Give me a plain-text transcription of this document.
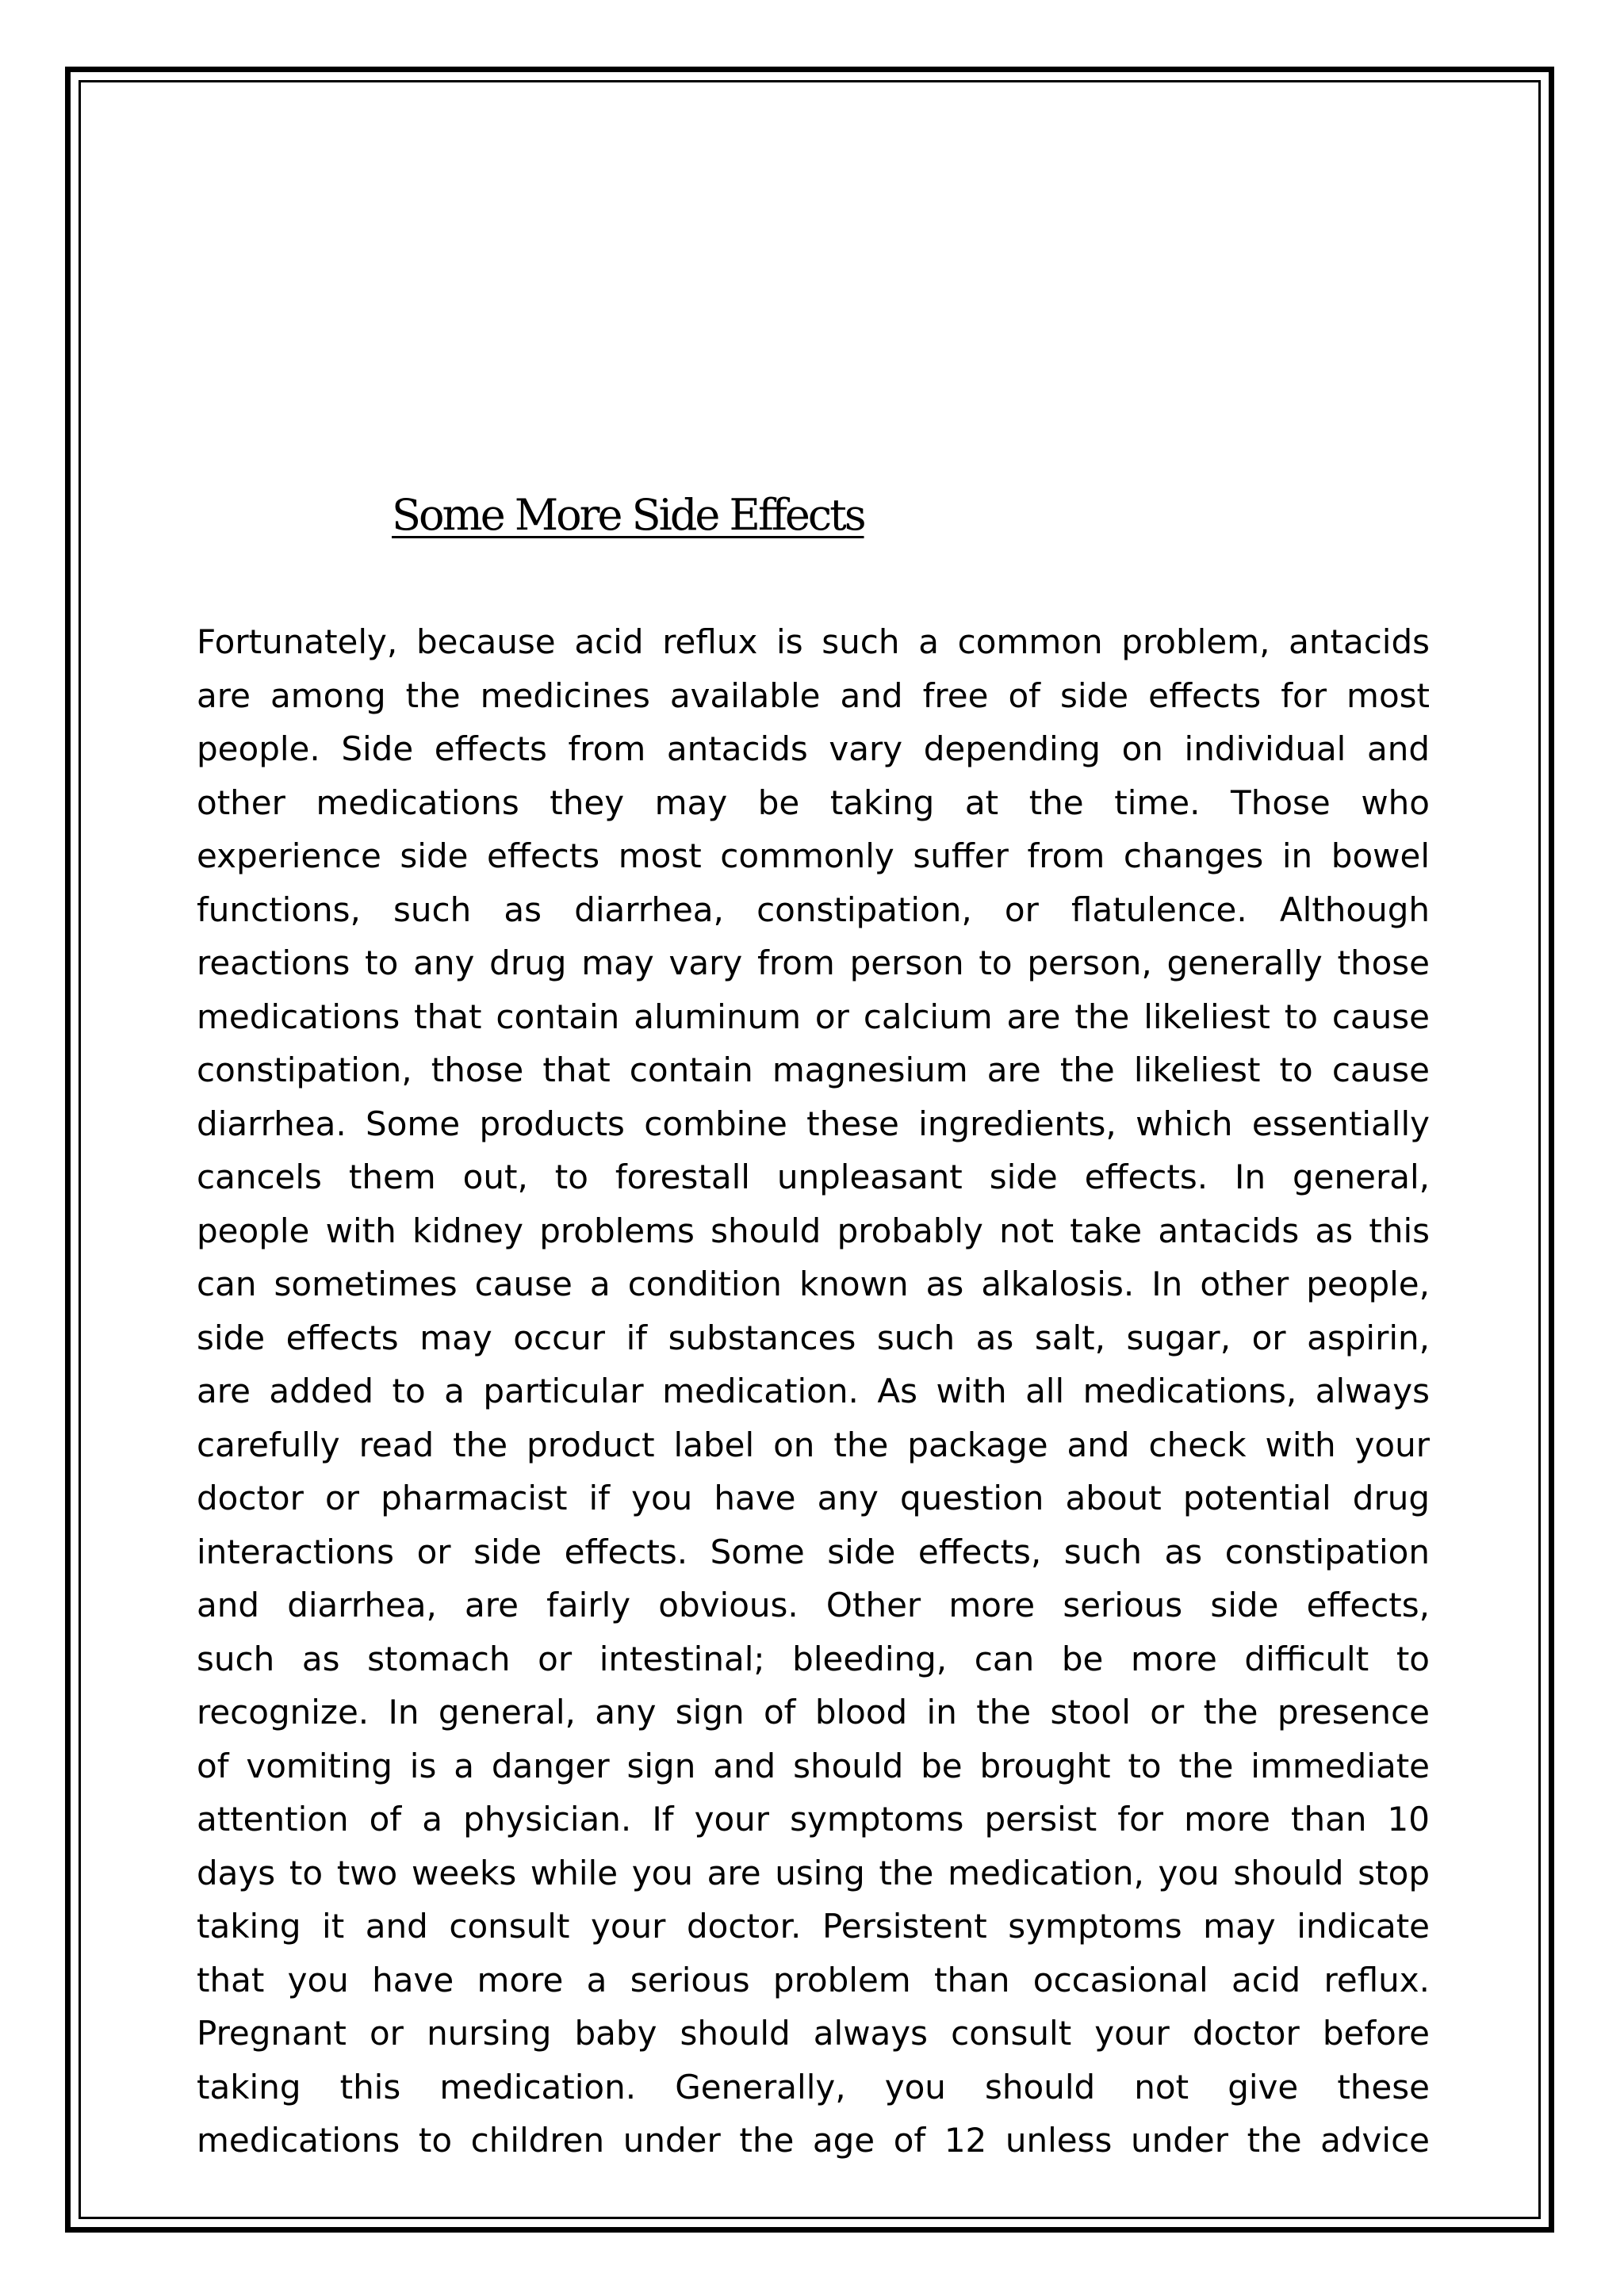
Some More Side Effects
Fortunately, because acid reflux is such a common problem, antacids
are among the medicines available and free of side effects for most
people. Side effects from antacids vary depending on individual and
other medications they may be taking at the time. Those who
experience side effects most commonly suffer from changes in bowel
functions, such as diarrhea, constipation, or flatulence. Although
reactions to any drug may vary from person to person, generally those
medications that contain aluminum or calcium are the likeliest to cause
constipation, those that contain magnesium are the likeliest to cause
diarrhea. Some products combine these ingredients, which essentially
cancels them out, to forestall unpleasant side effects. In general,
people with kidney problems should probably not take antacids as this
can sometimes cause a condition known as alkalosis. In other people,
side effects may occur if substances such as salt, sugar, or aspirin,
are added to a particular medication. As with all medications, always
carefully read the product label on the package and check with your
doctor or pharmacist if you have any question about potential drug
interactions or side effects. Some side effects, such as constipation
and diarrhea, are fairly obvious. Other more serious side effects,
such as stomach or intestinal; bleeding, can be more difficult to
recognize. In general, any sign of blood in the stool or the presence
of vomiting is a danger sign and should be brought to the immediate
attention of a physician. If your symptoms persist for more than 10
days to two weeks while you are using the medication, you should stop
taking it and consult your doctor. Persistent symptoms may indicate
that you have more a serious problem than occasional acid reflux.
Pregnant or nursing baby should always consult your doctor before
taking this medication. Generally, you should not give these
medications to children under the age of 12 unless under the advice
